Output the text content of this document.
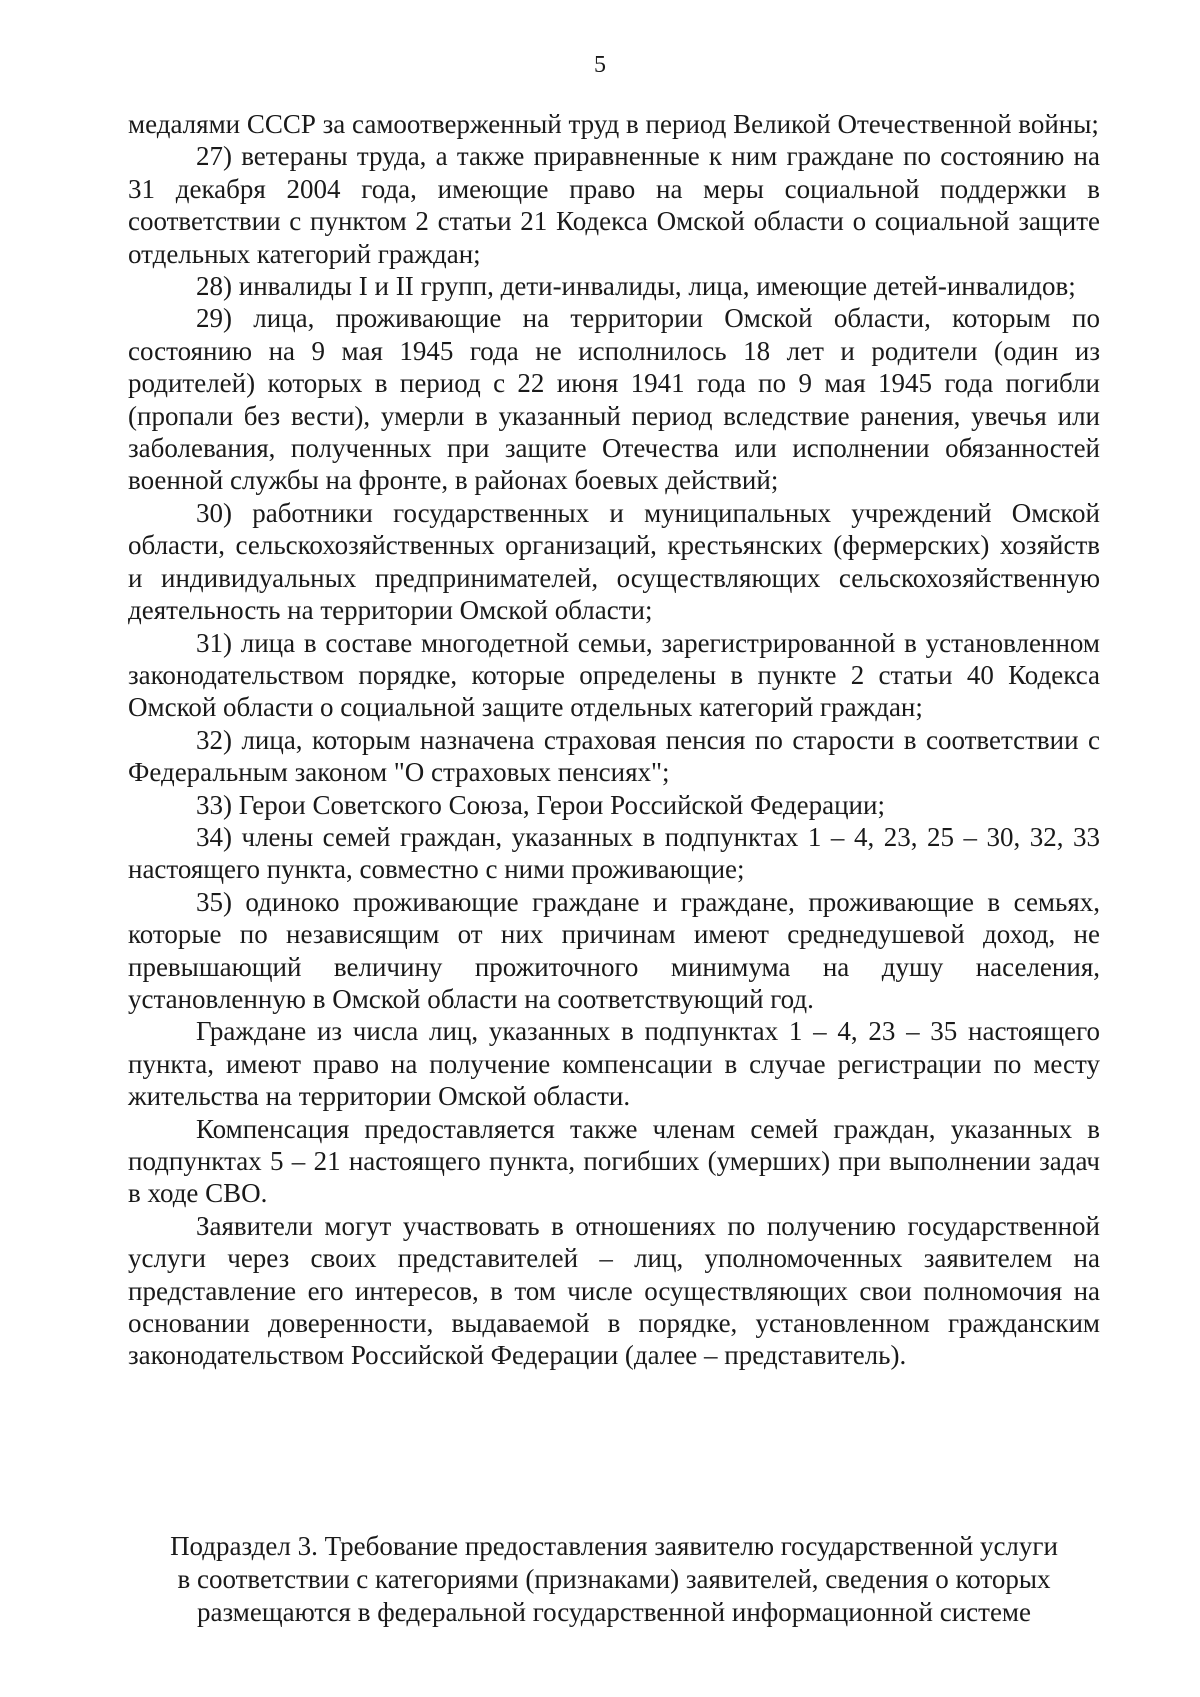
5

медалями СССР за самоотверженный труд в период Великой Отечественной войны;

27) ветераны труда, а также приравненные к ним граждане по состоянию на 31 декабря 2004 года, имеющие право на меры социальной поддержки в соответствии с пунктом 2 статьи 21 Кодекса Омской области о социальной защите отдельных категорий граждан;

28) инвалиды I и II групп, дети-инвалиды, лица, имеющие детей-инвалидов;

29) лица, проживающие на территории Омской области, которым по состоянию на 9 мая 1945 года не исполнилось 18 лет и родители (один из родителей) которых в период с 22 июня 1941 года по 9 мая 1945 года погибли (пропали без вести), умерли в указанный период вследствие ранения, увечья или заболевания, полученных при защите Отечества или исполнении обязанностей военной службы на фронте, в районах боевых действий;

30) работники государственных и муниципальных учреждений Омской области, сельскохозяйственных организаций, крестьянских (фермерских) хозяйств и индивидуальных предпринимателей, осуществляющих сельскохозяйственную деятельность на территории Омской области;

31) лица в составе многодетной семьи, зарегистрированной в установленном законодательством порядке, которые определены в пункте 2 статьи 40 Кодекса Омской области о социальной защите отдельных категорий граждан;

32) лица, которым назначена страховая пенсия по старости в соответствии с Федеральным законом "О страховых пенсиях";

33) Герои Советского Союза, Герои Российской Федерации;

34) члены семей граждан, указанных в подпунктах 1 – 4, 23, 25 – 30, 32, 33 настоящего пункта, совместно с ними проживающие;

35) одиноко проживающие граждане и граждане, проживающие в семьях, которые по независящим от них причинам имеют среднедушевой доход, не превышающий величину прожиточного минимума на душу населения, установленную в Омской области на соответствующий год.

Граждане из числа лиц, указанных в подпунктах 1 – 4, 23 – 35 настоящего пункта, имеют право на получение компенсации в случае регистрации по месту жительства на территории Омской области.

Компенсация предоставляется также членам семей граждан, указанных в подпунктах 5 – 21 настоящего пункта, погибших (умерших) при выполнении задач в ходе СВО.

Заявители могут участвовать в отношениях по получению государственной услуги через своих представителей – лиц, уполномоченных заявителем на представление его интересов, в том числе осуществляющих свои полномочия на основании доверенности, выдаваемой в порядке, установленном гражданским законодательством Российской Федерации (далее – представитель).

Подраздел 3. Требование предоставления заявителю государственной услуги
в соответствии с категориями (признаками) заявителей, сведения о которых
размещаются в федеральной государственной информационной системе
